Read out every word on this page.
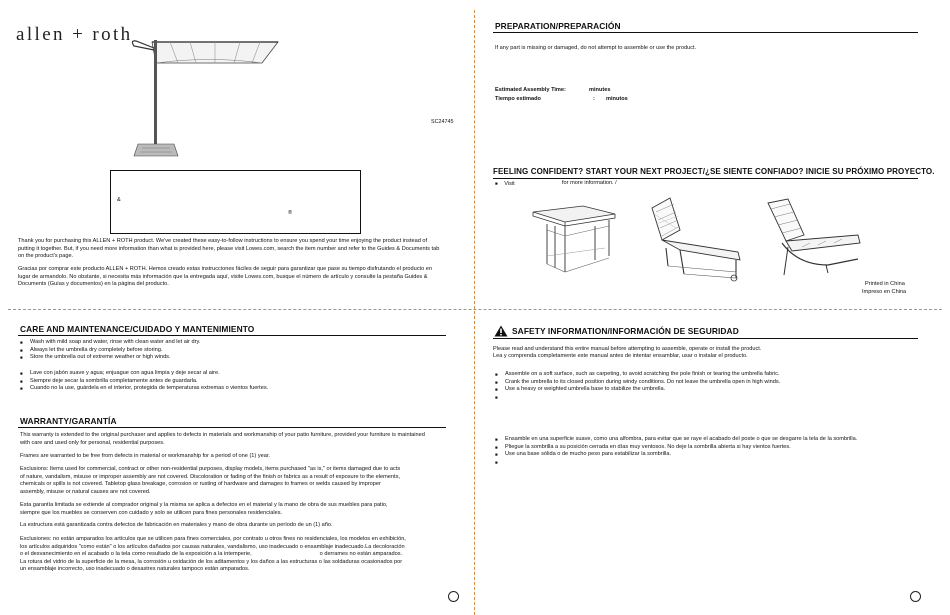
allen + roth
SC24745
&
®

Thank you for purchasing this ALLEN + ROTH product. We've created these easy-to-follow instructions to ensure you spend your time enjoying the product instead of putting it together. But, if you need more information than what is provided here, please visit Lowes.com, search the item number and refer to the Guides & Documents tab on the product's page.

Gracias por comprar este producto ALLEN + ROTH. Hemos creado estas instrucciones fáciles de seguir para garantizar que pase su tiempo disfrutando el producto en lugar de armandolo. No obstante, si necesita más información que la entregada aquí, visite Lowes.com, busque el número de artículo y consulte la pestaña Guides & Documents (Guías y documentos) en la página del producto.

PREPARATION/PREPARACIÓN

If any part is missing or damaged, do not attempt to assemble or use the product.

Estimated Assembly Time:	minutes
Tiempo estimado	: minutos
FEELING CONFIDENT? START YOUR NEXT PROJECT/¿SE SIENTE CONFIADO? INICIE SU PRÓXIMO PROYECTO.
■ Visit	for more information. /
Printed in China
Impreso en China
CARE AND MAINTENANCE/CUIDADO Y MANTENIMIENTO
■ Wash with mild soap and water, rinse with clean water and let air dry.
■ Always let the umbrella dry completely before storing.
■ Store the umbrella out of extreme weather or high winds.
■ Lave con jabón suave y agua; enjuague con agua limpia y deje secar al aire.
■ Siempre deje secar la sombrilla completamente antes de guardarla.
■ Cuando no la use, guárdela en el interior, protegida de temperaturas extremas o vientos fuertes.
WARRANTY/GARANTÍA

This warranty is extended to the original purchaser and applies to defects in materials and workmanship of your patio furniture, provided your furniture is maintained with care and used only for personal, residential purposes.

Frames are warranted to be free from defects in material or workmanship for a period of one (1) year.

Exclusions: Items used for commercial, contract or other non-residential purposes, display models, items purchased "as is," or items damaged due to acts of nature, vandalism, misuse or improper assembly are not covered. Discoloration or fading of the finish or fabrics as a result of exposure to the elements, chemicals or spills is not covered. Tabletop glass breakage, corrosion or rusting of hardware and damages to frames or welds caused by improper assembly, misuse or natural causes are not covered.

Esta garantía limitada se extiende al comprador original y la misma se aplica a defectos en el material y la mano de obra de sus muebles para patio, siempre que los muebles se conserven con cuidado y solo se utilicen para fines personales residenciales.

La estructura está garantizada contra defectos de fabricación en materiales y mano de obra durante un período de un (1) año.

Exclusiones: no están amparados los artículos que se utilicen para fines comerciales, por contrato u otros fines no residenciales, los modelos en exhibición, los artículos adquiridos "como están" o los artículos dañados por causas naturales, vandalismo, uso inadecuado o ensamblaje inadecuado.La decoloración o el desvanecimiento en el acabado o la tela como resultado de la exposición a la intemperie,	o derrames no están amparados. La rotura del vidrio de la superficie de la mesa, la corrosión u oxidación de los aditamentos y los daños a las estructuras o las soldaduras ocasionados por un ensamblaje incorrecto, uso inadecuado o desastres naturales tampoco están amparados.

SAFETY INFORMATION/INFORMACIÓN DE SEGURIDAD

Please read and understand this entire manual before attempting to assemble, operate or install the product.

Lea y comprenda completamente este manual antes de intentar ensamblar, usar o instalar el producto.

■ Assemble on a soft surface, such as carpeting, to avoid scratching the pole finish or tearing the umbrella fabric.
■ Crank the umbrella to its closed position during windy conditions. Do not leave the umbrella open in high winds.
■ Use a heavy or weighted umbrella base to stabilize the umbrella.
■
■ Ensamble en una superficie suave, como una alfombra, para evitar que se raye el acabado del poste o que se desgarre la tela de la sombrilla.
■ Pliegue la sombrilla a su posición cerrada en días muy ventosos. No deje la sombrilla abierta si hay vientos fuertes.
■ Use una base sólida o de mucho peso para estabilizar la sombrilla.
■
